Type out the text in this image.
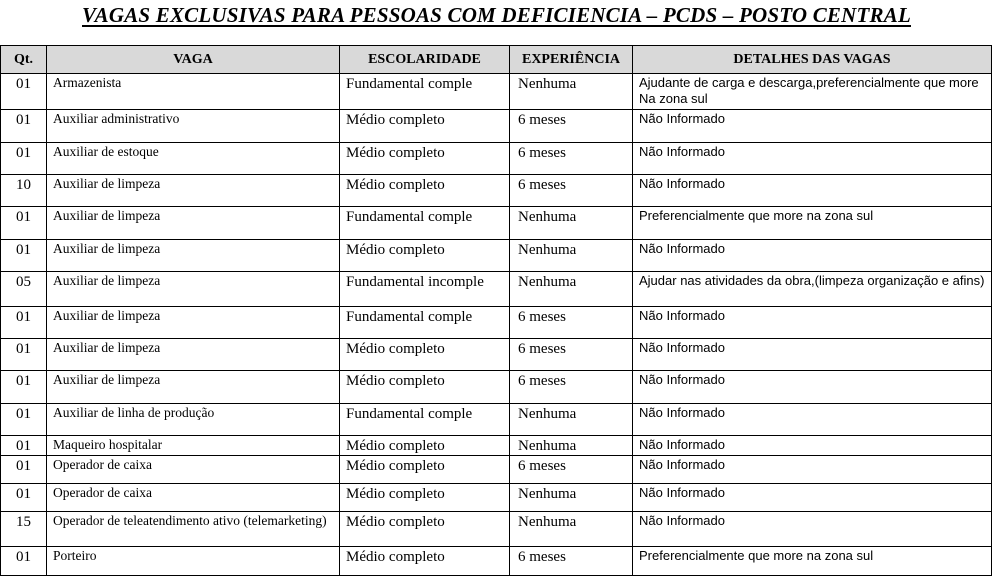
VAGAS EXCLUSIVAS PARA PESSOAS COM DEFICIENCIA – PCDS – POSTO CENTRAL
Qt.	VAGA	ESCOLARIDADE	EXPERIÊNCIA	DETALHES DAS VAGAS
01	Armazenista	Fundamental comple	Nenhuma	Ajudante de carga e descarga,preferencialmente que more Na zona sul
01	Auxiliar administrativo	Médio completo	6 meses	Não Informado
01	Auxiliar de estoque	Médio completo	6 meses	Não Informado
10	Auxiliar de limpeza	Médio completo	6 meses	Não Informado
01	Auxiliar de limpeza	Fundamental comple	Nenhuma	Preferencialmente que more na zona sul
01	Auxiliar de limpeza	Médio completo	Nenhuma	Não Informado
05	Auxiliar de limpeza	Fundamental incomple	Nenhuma	Ajudar nas atividades da obra,(limpeza organização e afins)
01	Auxiliar de limpeza	Fundamental comple	6 meses	Não Informado
01	Auxiliar de limpeza	Médio completo	6 meses	Não Informado
01	Auxiliar de limpeza	Médio completo	6 meses	Não Informado
01	Auxiliar de linha de produção	Fundamental comple	Nenhuma	Não Informado
01	Maqueiro hospitalar	Médio completo	Nenhuma	Não Informado
01	Operador de caixa	Médio completo	6 meses	Não Informado
01	Operador de caixa	Médio completo	Nenhuma	Não Informado
15	Operador de teleatendimento ativo (telemarketing)	Médio completo	Nenhuma	Não Informado
01	Porteiro	Médio completo	6 meses	Preferencialmente que more na zona sul
